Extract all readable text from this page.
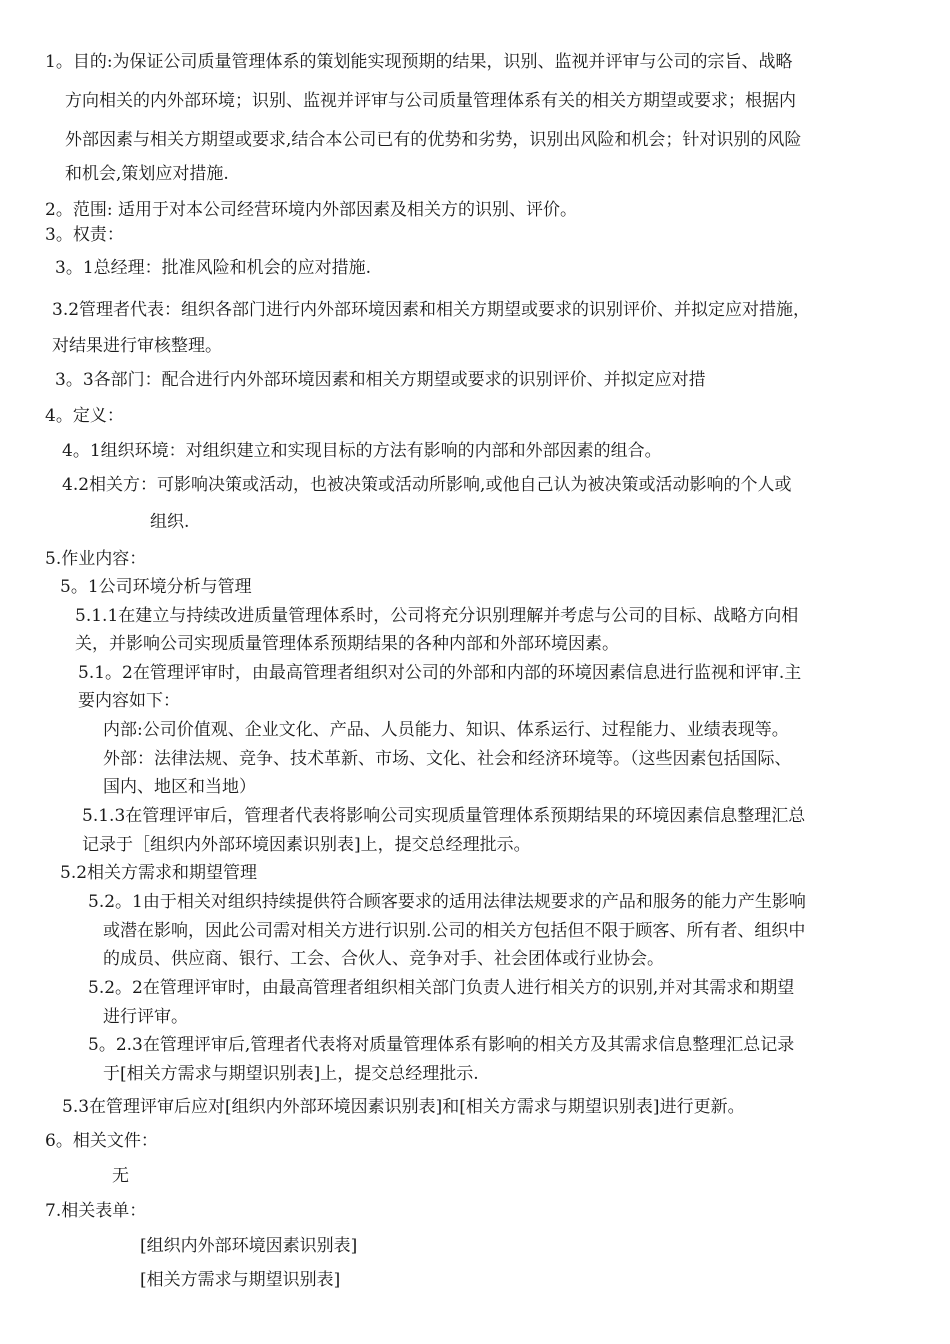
1。目的:为保证公司质量管理体系的策划能实现预期的结果，识别、监视并评审与公司的宗旨、战略
方向相关的内外部环境；识别、监视并评审与公司质量管理体系有关的相关方期望或要求；根据内
外部因素与相关方期望或要求,结合本公司已有的优势和劣势，识别出风险和机会；针对识别的风险
和机会,策划应对措施.
2。范围: 适用于对本公司经营环境内外部因素及相关方的识别、评价。
3。权责：
3。1总经理：批准风险和机会的应对措施.
3.2管理者代表：组织各部门进行内外部环境因素和相关方期望或要求的识别评价、并拟定应对措施，
对结果进行审核整理。
3。3各部门：配合进行内外部环境因素和相关方期望或要求的识别评价、并拟定应对措
4。定义：
4。1组织环境：对组织建立和实现目标的方法有影响的内部和外部因素的组合。
4.2相关方：可影响决策或活动，也被决策或活动所影响,或他自己认为被决策或活动影响的个人或
组织.
5.作业内容：
5。1公司环境分析与管理
5.1.1在建立与持续改进质量管理体系时，公司将充分识别理解并考虑与公司的目标、战略方向相
关，并影响公司实现质量管理体系预期结果的各种内部和外部环境因素。
5.1。2在管理评审时，由最高管理者组织对公司的外部和内部的环境因素信息进行监视和评审.主
要内容如下：
内部:公司价值观、企业文化、产品、人员能力、知识、体系运行、过程能力、业绩表现等。
外部：法律法规、竞争、技术革新、市场、文化、社会和经济环境等。（这些因素包括国际、
国内、地区和当地）
5.1.3在管理评审后，管理者代表将影响公司实现质量管理体系预期结果的环境因素信息整理汇总
记录于［组织内外部环境因素识别表]上，提交总经理批示。
5.2相关方需求和期望管理
5.2。1由于相关对组织持续提供符合顾客要求的适用法律法规要求的产品和服务的能力产生影响
或潜在影响，因此公司需对相关方进行识别.公司的相关方包括但不限于顾客、所有者、组织中
的成员、供应商、银行、工会、合伙人、竞争对手、社会团体或行业协会。
5.2。2在管理评审时，由最高管理者组织相关部门负责人进行相关方的识别,并对其需求和期望
进行评审。
5。2.3在管理评审后,管理者代表将对质量管理体系有影响的相关方及其需求信息整理汇总记录
于[相关方需求与期望识别表]上，提交总经理批示.
5.3在管理评审后应对[组织内外部环境因素识别表]和[相关方需求与期望识别表]进行更新。
6。相关文件：
无
7.相关表单：
[组织内外部环境因素识别表]
[相关方需求与期望识别表]
